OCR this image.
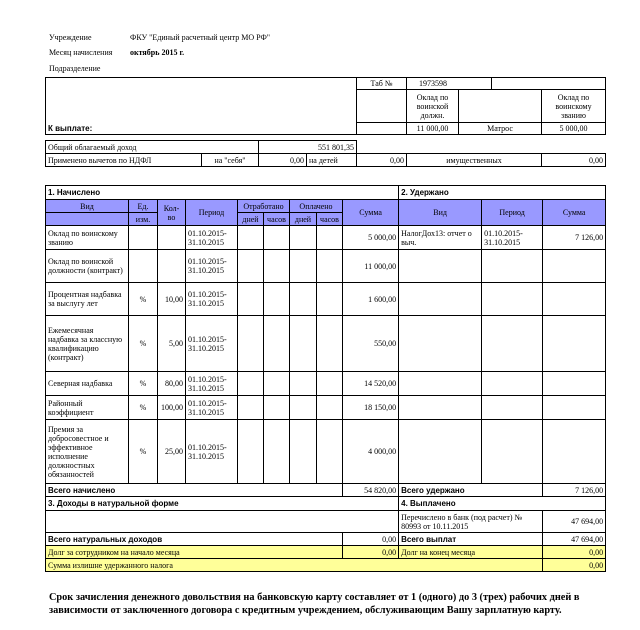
Учреждение	ФКУ "Единый расчетный центр МО РФ"
Месяц начисления октябрь 2015 г.
Подразделение
	Таб №	1973598			
		Оклад по воинской должн.			Оклад по воинскому званию
К выплате:		11 000,00	Матрос		5 000,00
Общий облагаемый доход		551 801,35					
Применено вычетов по НДФЛ	на "себя"	0,00	на детей	0,00	имущественных		0,00
1. Начислено									2. Удержано		
Вид	Ед.	Кол-во	Период	Отработано		Оплачено		Сумма	Вид	Период	Сумма
	изм.			дней	часов	дней	часов				
Оклад по воинскому званию			01.10.2015-31.10.2015					5 000,00	НалогДох13: отчет о выч.	01.10.2015-31.10.2015	7 126,00
Оклад по воинской должности (контракт)			01.10.2015-31.10.2015					11 000,00			
Процентная надбавка за выслугу лет	%	10,00	01.10.2015-31.10.2015					1 600,00			
Ежемесячная надбавка за классную квалификацию (контракт)	%	5,00	01.10.2015-31.10.2015					550,00			
Северная надбавка	%	80,00	01.10.2015-31.10.2015					14 520,00			
Районный коэффициент	%	100,00	01.10.2015-31.10.2015					18 150,00			
Премия за добросовестное и эффективное исполнение должностных обязанностей	%	25,00	01.10.2015-31.10.2015					4 000,00			
Всего начислено								54 820,00	Всего удержано		7 126,00
3. Доходы в натуральной форме									4. Выплачено		
									Перечислено в банк (под расчет) № 80993 от 10.11.2015		47 694,00
Всего натуральных доходов								0,00	Всего выплат		47 694,00
Долг за сотрудником на начало месяца								0,00	Долг на конец месяца		0,00
Сумма излишне удержанного налога											0,00
Срок зачисления денежного довольствия на банковскую карту составляет от 1 (одного) до 3 (трех) рабочих дней в зависимости от заключенного договора с кредитным учреждением, обслуживающим Вашу зарплатную карту.
